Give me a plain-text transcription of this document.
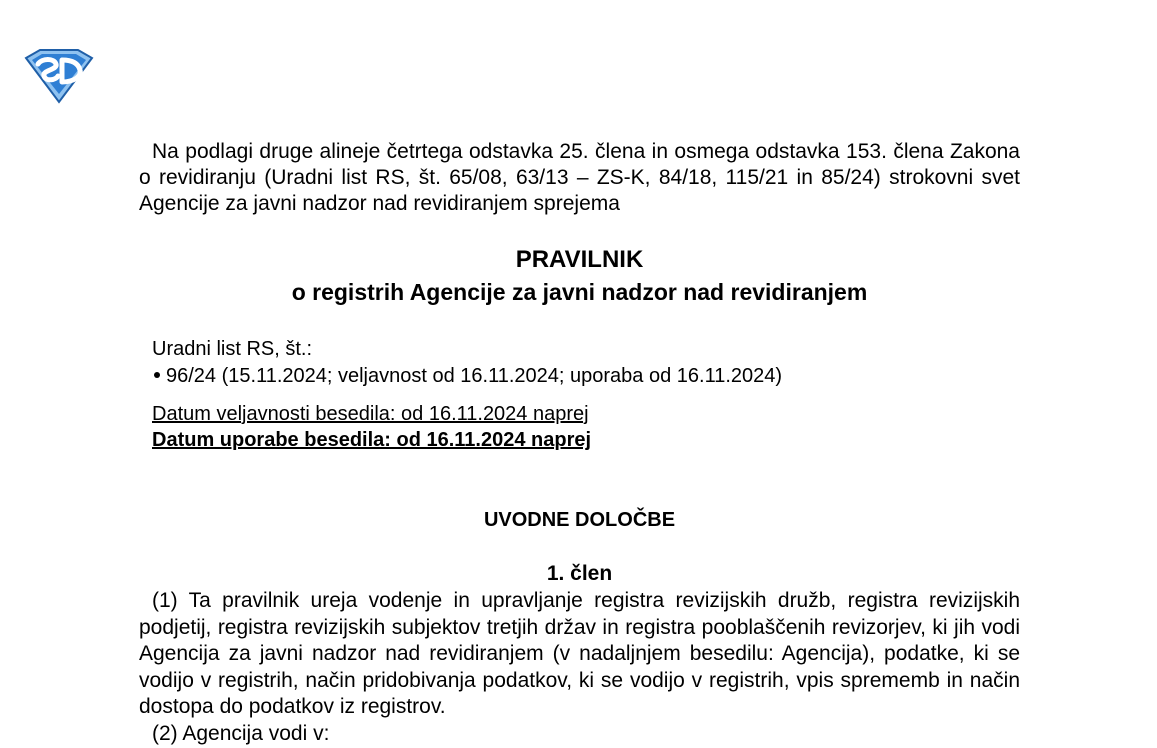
Na podlagi druge alineje četrtega odstavka 25. člena in osmega odstavka 153. člena Zakona o revidiranju (Uradni list RS, št. 65/08, 63/13 – ZS-K, 84/18, 115/21 in 85/24) strokovni svet Agencije za javni nadzor nad revidiranjem sprejema

PRAVILNIK
o registrih Agencije za javni nadzor nad revidiranjem

Uradni list RS, št.:

96/24 (15.11.2024; veljavnost od 16.11.2024; uporaba od 16.11.2024)

Datum veljavnosti besedila: od 16.11.2024 naprej

Datum uporabe besedila: od 16.11.2024 naprej

UVODNE DOLOČBE
1. člen

(1) Ta pravilnik ureja vodenje in upravljanje registra revizijskih družb, registra revizijskih podjetij, registra revizijskih subjektov tretjih držav in registra pooblaščenih revizorjev, ki jih vodi Agencija za javni nadzor nad revidiranjem (v nadaljnjem besedilu: Agencija), podatke, ki se vodijo v registrih, način pridobivanja podatkov, ki se vodijo v registrih, vpis sprememb in način dostopa do podatkov iz registrov.

(2) Agencija vodi v:
